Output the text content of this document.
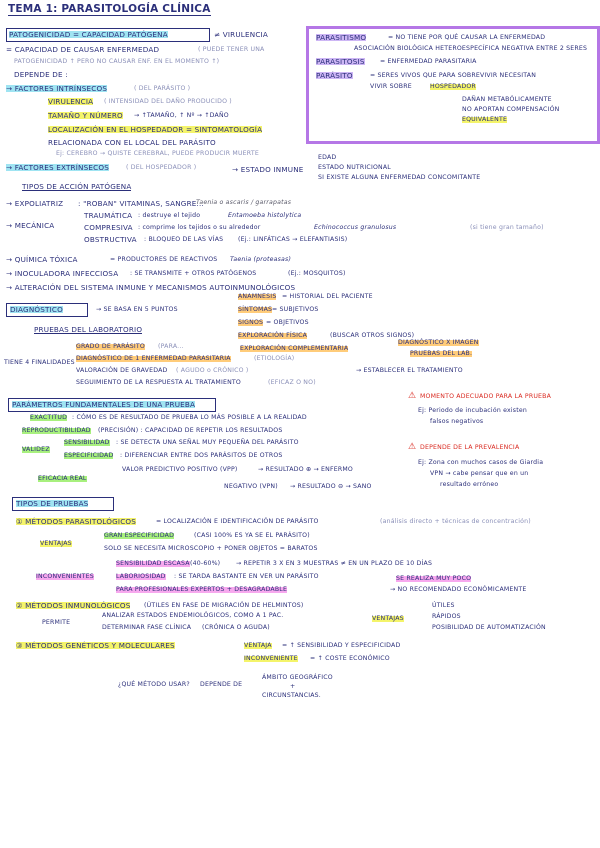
TEMA 1: PARASITOLOGÍA CLÍNICA
PATOGENICIDAD = CAPACIDAD PATÓGENA	≠ VIRULENCIA
= CAPACIDAD DE CAUSAR ENFERMEDAD	( PUEDE TENER UNA
PATOGENICIDAD ↑ PERO NO CAUSAR ENF. EN EL MOMENTO ↑)
DEPENDE DE :
→ FACTORES INTRÍNSECOS	( DEL PARÁSITO )
VIRULENCIA ( INTENSIDAD DEL DAÑO PRODUCIDO )
TAMAÑO Y NÚMERO → ↑TAMAÑO, ↑ Nº → ↑DAÑO
LOCALIZACIÓN EN EL HOSPEDADOR = SINTOMATOLOGÍA
RELACIONADA CON EL LOCAL DEL PARÁSITO
Ej: CEREBRO → QUISTE CEREBRAL, PUEDE PRODUCIR MUERTE
→ FACTORES EXTRÍNSECOS	( DEL HOSPEDADOR )	→ ESTADO INMUNE
EDAD
ESTADO NUTRICIONAL
SI EXISTE ALGUNA ENFERMEDAD CONCOMITANTE
PARASITISMO	= NO TIENE POR QUÉ CAUSAR LA ENFERMEDAD
ASOCIACIÓN BIOLÓGICA HETEROESPECÍFICA NEGATIVA ENTRE 2 SERES
PARASITOSIS = ENFERMEDAD PARASITARIA
PARÁSITO	= SERES VIVOS QUE PARA SOBREVIVIR NECESITAN
VIVIR SOBRE	HOSPEDADOR
DAÑAN METABÓLICAMENTE
NO APORTAN COMPENSACIÓN
EQUIVALENTE
TIPOS DE ACCIÓN PATÓGENA
→ EXPOLIATRIZ : "ROBAN" VITAMINAS, SANGRE...
Taenia o ascaris / garrapatas
→ MECÁNICA
TRAUMÁTICA : destruye el tejido	Entamoeba histolytica
COMPRESIVA : comprime los tejidos o su alrededor	Echinococcus granulosus	(si tiene gran tamaño)
OBSTRUCTIVA : BLOQUEO DE LAS VÍAS (Ej.: LINFÁTICAS → ELEFANTIASIS)
→ QUÍMICA TÓXICA	= PRODUCTORES DE REACTIVOS Taenia (proteasas)
→ INOCULADORA INFECCIOSA : SE TRANSMITE + OTROS PATÓGENOS	(Ej.: MOSQUITOS)
→ ALTERACIÓN DEL SISTEMA INMUNE Y MECANISMOS AUTOINMUNOLÓGICOS
DIAGNÓSTICO	→ SE BASA EN 5 PUNTOS
ANAMNESIS = HISTORIAL DEL PACIENTE
SÍNTOMAS = SUBJETIVOS
SIGNOS = OBJETIVOS
EXPLORACIÓN FÍSICA	(BUSCAR OTROS SIGNOS)
EXPLORACIÓN COMPLEMENTARIA
DIAGNÓSTICO X IMAGEN
PRUEBAS DEL LAB.
PRUEBAS DEL LABORATORIO
TIENE 4 FINALIDADES
GRADO DE PARÁSITO (PARA...
DIAGNÓSTICO DE 1 ENFERMEDAD PARASITARIA	(ETIOLOGÍA)
VALORACIÓN DE GRAVEDAD ( AGUDO o CRÓNICO )	→ ESTABLECER EL TRATAMIENTO
SEGUIMIENTO DE LA RESPUESTA AL TRATAMIENTO	(EFICAZ O NO)
PARÁMETROS FUNDAMENTALES DE UNA PRUEBA
EXACTITUD : CÓMO ES DE RESULTADO DE PRUEBA LO MÁS POSIBLE A LA REALIDAD
REPRODUCTIBILIDAD (PRECISIÓN) : CAPACIDAD DE REPETIR LOS RESULTADOS
VALIDEZ
SENSIBILIDAD : SE DETECTA UNA SEÑAL MUY PEQUEÑA DEL PARÁSITO
ESPECIFICIDAD : DIFERENCIAR ENTRE DOS PARÁSITOS DE OTROS
EFICACIA REAL
VALOR PREDICTIVO POSITIVO (VPP)	→ RESULTADO ⊕ → ENFERMO
NEGATIVO (VPN) → RESULTADO ⊖ → SANO
⚠ MOMENTO ADECUADO PARA LA PRUEBA
Ej: Periodo de incubación existen
falsos negativos
⚠ DEPENDE DE LA PREVALENCIA
Ej: Zona con muchos casos de Giardia
VPN → cabe pensar que en un
resultado erróneo
TIPOS DE PRUEBAS
① MÉTODOS PARASITOLÓGICOS	= LOCALIZACIÓN E IDENTIFICACIÓN DE PARÁSITO	(análisis directo + técnicas de concentración)
VENTAJAS
GRAN ESPECIFICIDAD	(CASI 100% ES YA SE EL PARÁSITO)
SOLO SE NECESITA MICROSCOPIO + PONER OBJETOS = BARATOS
INCONVENIENTES
SENSIBILIDAD ESCASA (40-60%)	→ REPETIR 3 X EN 3 MUESTRAS ≠ EN UN PLAZO DE 10 DÍAS
LABORIOSIDAD : SE TARDA BASTANTE EN VER UN PARÁSITO
PARA PROFESIONALES EXPERTOS + DESAGRADABLE
SE REALIZA MUY POCO
→ NO RECOMENDADO ECONÓMICAMENTE
② MÉTODOS INMUNOLÓGICOS (ÚTILES EN FASE DE MIGRACIÓN DE HELMINTOS)
PERMITE
ANALIZAR ESTADOS ENDEMIOLÓGICOS, COMO A 1 PAC.
DETERMINAR FASE CLÍNICA (CRÓNICA O AGUDA)
VENTAJAS
ÚTILES
RÁPIDOS
POSIBILIDAD DE AUTOMATIZACIÓN
③ MÉTODOS GENÉTICOS Y MOLECULARES	VENTAJA = ↑ SENSIBILIDAD Y ESPECIFICIDAD
INCONVENIENTE = ↑ COSTE ECONÓMICO
¿QUÉ MÉTODO USAR? DEPENDE DE
ÁMBITO GEOGRÁFICO
+
CIRCUNSTANCIAS.
